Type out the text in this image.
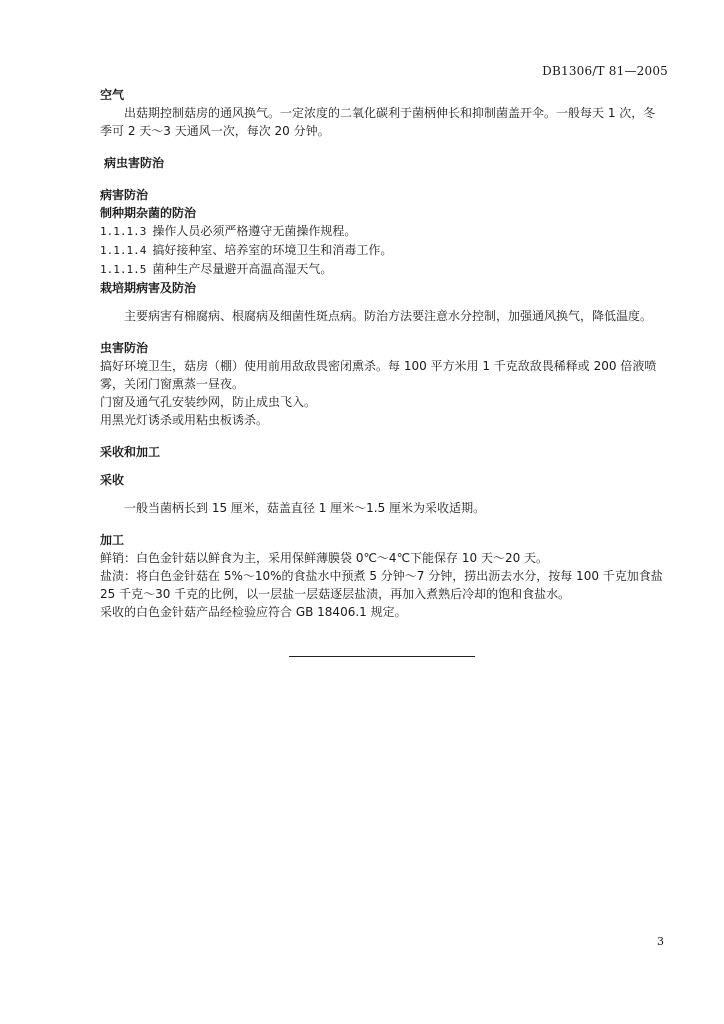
DB1306/T 81—2005

空气

出菇期控制菇房的通风换气。一定浓度的二氧化碳利于菌柄伸长和抑制菌盖开伞。一般每天 1 次，冬季可 2 天～3 天通风一次，每次 20 分钟。

病虫害防治

病害防治

制种期杂菌的防治

1.1.1.3 操作人员必须严格遵守无菌操作规程。
1.1.1.4 搞好接种室、培养室的环境卫生和消毒工作。
1.1.1.5 菌种生产尽量避开高温高湿天气。

栽培期病害及防治

主要病害有棉腐病、根腐病及细菌性斑点病。防治方法要注意水分控制，加强通风换气，降低温度。

虫害防治

搞好环境卫生，菇房（棚）使用前用敌敌畏密闭熏杀。每 100 平方米用 1 千克敌敌畏稀释或 200 倍液喷雾，关闭门窗熏蒸一昼夜。

门窗及通气孔安装纱网，防止成虫飞入。

用黑光灯诱杀或用粘虫板诱杀。

采收和加工

采收

一般当菌柄长到 15 厘米，菇盖直径 1 厘米～1.5 厘米为采收适期。

加工

鲜销：白色金针菇以鲜食为主，采用保鲜薄膜袋 0℃～4℃下能保存 10 天～20 天。

盐渍：将白色金针菇在 5%～10%的食盐水中预煮 5 分钟～7 分钟，捞出沥去水分，按每 100 千克加食盐 25 千克～30 千克的比例，以一层盐一层菇逐层盐渍，再加入煮熟后冷却的饱和食盐水。

采收的白色金针菇产品经检验应符合 GB 18406.1 规定。

3
